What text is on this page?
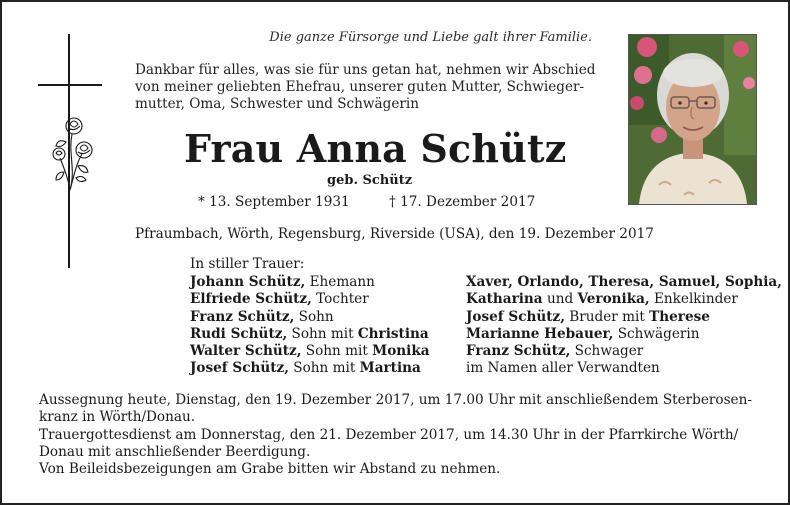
Die ganze Fürsorge und Liebe galt ihrer Familie.
Dankbar für alles, was sie für uns getan hat, nehmen wir Abschied
von meiner geliebten Ehefrau, unserer guten Mutter, Schwieger-
mutter, Oma, Schwester und Schwägerin
Frau Anna Schütz
geb. Schütz
* 13. September 1931	† 17. Dezember 2017
Pfraumbach, Wörth, Regensburg, Riverside (USA), den 19. Dezember 2017
In stiller Trauer:
Johann Schütz, Ehemann
Elfriede Schütz, Tochter
Franz Schütz, Sohn
Rudi Schütz, Sohn mit Christina
Walter Schütz, Sohn mit Monika
Josef Schütz, Sohn mit Martina
Xaver, Orlando, Theresa, Samuel, Sophia,
Katharina und Veronika, Enkelkinder
Josef Schütz, Bruder mit Therese
Marianne Hebauer, Schwägerin
Franz Schütz, Schwager
im Namen aller Verwandten

Aussegnung heute, Dienstag, den 19. Dezember 2017, um 17.00 Uhr mit anschließendem Sterberosen-kranz in Wörth/Donau.

Trauergottesdienst am Donnerstag, den 21. Dezember 2017, um 14.30 Uhr in der Pfarrkirche Wörth/ Donau mit anschließender Beerdigung.

Von Beileidsbezeigungen am Grabe bitten wir Abstand zu nehmen.
